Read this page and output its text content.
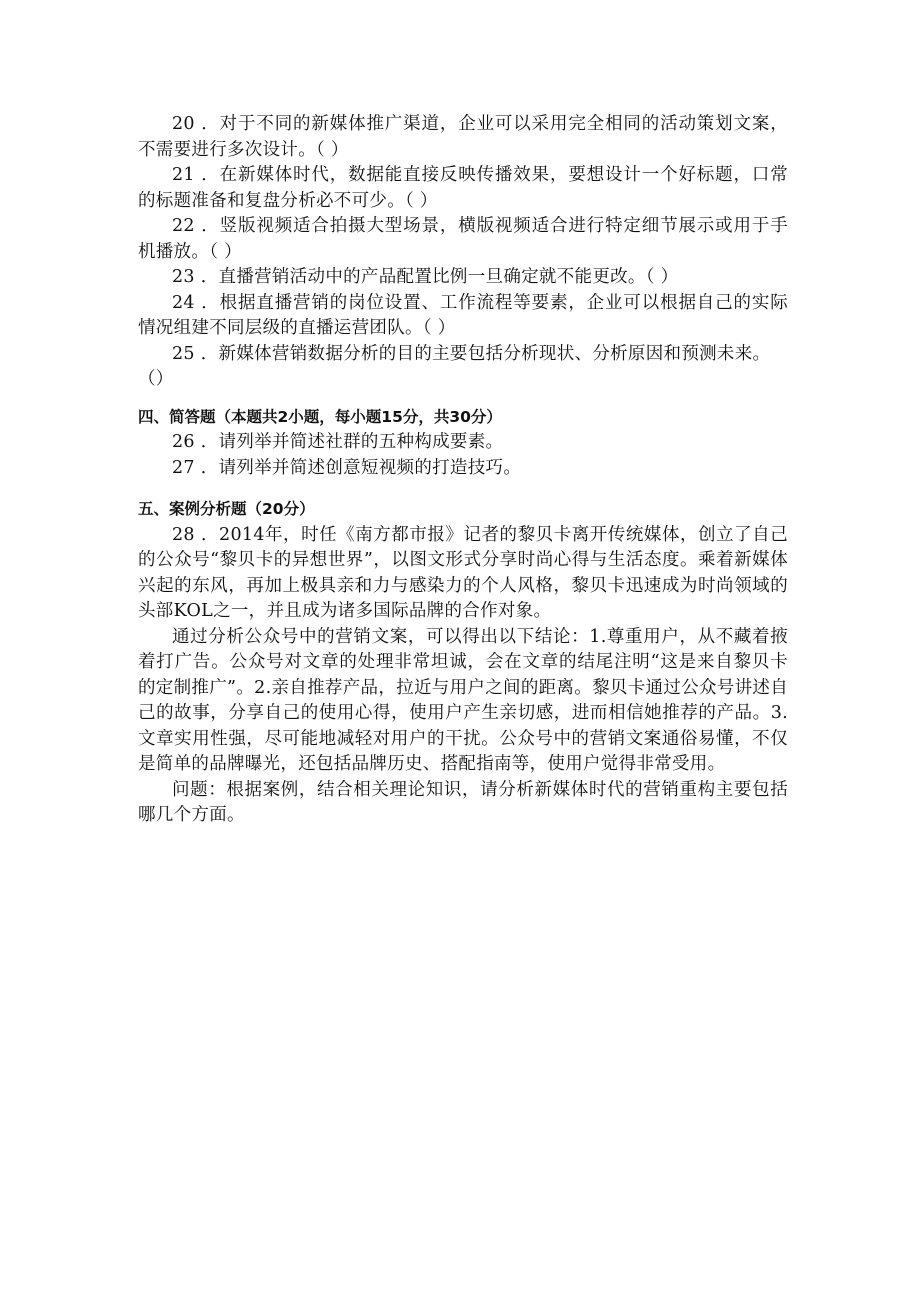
20 ．对于不同的新媒体推广渠道，企业可以采用完全相同的活动策划文案，不需要进行多次设计。（ ）

21 ．在新媒体时代，数据能直接反映传播效果，要想设计一个好标题，口常的标题准备和复盘分析必不可少。（ ）

22 ．竖版视频适合拍摄大型场景，横版视频适合进行特定细节展示或用于手机播放。（ ）

23 ．直播营销活动中的产品配置比例一旦确定就不能更改。（ ）

24 ．根据直播营销的岗位设置、工作流程等要素，企业可以根据自己的实际情况组建不同层级的直播运营团队。（ ）

25 ．新媒体营销数据分析的目的主要包括分析现状、分析原因和预测未来。

（）

四、简答题（本题共2小题，每小题15分，共30分）

26 ．请列举并简述社群的五种构成要素。

27 ．请列举并简述创意短视频的打造技巧。

五、案例分析题（20分）

28 ．2014年，时任《南方都市报》记者的黎贝卡离开传统媒体，创立了自己的公众号“黎贝卡的异想世界”，以图文形式分享时尚心得与生活态度。乘着新媒体兴起的东风，再加上极具亲和力与感染力的个人风格，黎贝卡迅速成为时尚领域的头部KOL之一，并且成为诸多国际品牌的合作对象。

通过分析公众号中的营销文案，可以得出以下结论：1.尊重用户，从不藏着掖着打广告。公众号对文章的处理非常坦诚，会在文章的结尾注明“这是来自黎贝卡的定制推广”。2.亲自推荐产品，拉近与用户之间的距离。黎贝卡通过公众号讲述自己的故事，分享自己的使用心得，使用户产生亲切感，进而相信她推荐的产品。3.文章实用性强，尽可能地减轻对用户的干扰。公众号中的营销文案通俗易懂，不仅是简单的品牌曝光，还包括品牌历史、搭配指南等，使用户觉得非常受用。

问题：根据案例，结合相关理论知识，请分析新媒体时代的营销重构主要包括哪几个方面。
